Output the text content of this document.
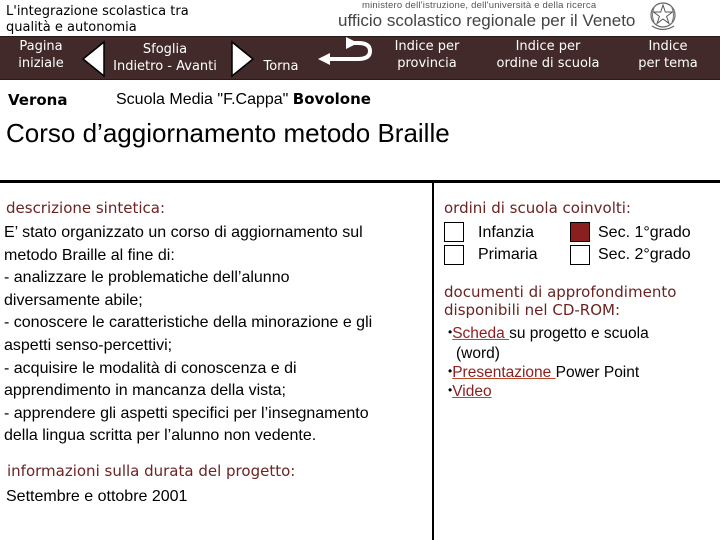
L'integrazione scolastica tra qualità e autonomia
ministero dell'istruzione, dell'università e della ricerca
ufficio scolastico regionale per il Veneto
Pagina
iniziale
Sfoglia
Indietro - Avanti	Torna
Indice per
provincia
Indice per
ordine di scuola
Indice
per tema
Verona	Scuola Media "F.Cappa" Bovolone
Corso d’aggiornamento metodo Braille
descrizione sintetica:
E’ stato organizzato un corso di aggiornamento sul
metodo Braille al fine di:
- analizzare le problematiche dell’alunno
diversamente abile;
- conoscere le caratteristiche della minorazione e gli
aspetti senso-percettivi;
- acquisire le modalità di conoscenza e di
apprendimento in mancanza della vista;
- apprendere gli aspetti specifici per l’insegnamento
della lingua scritta per l’alunno non vedente.
informazioni sulla durata del progetto:
Settembre e ottobre 2001
ordini di scuola coinvolti:
Infanzia	Sec. 1°grado
Primaria	Sec. 2°grado
documenti di approfondimento
disponibili nel CD-ROM:
•Scheda su progetto e scuola
(word)
•Presentazione Power Point
•Video
